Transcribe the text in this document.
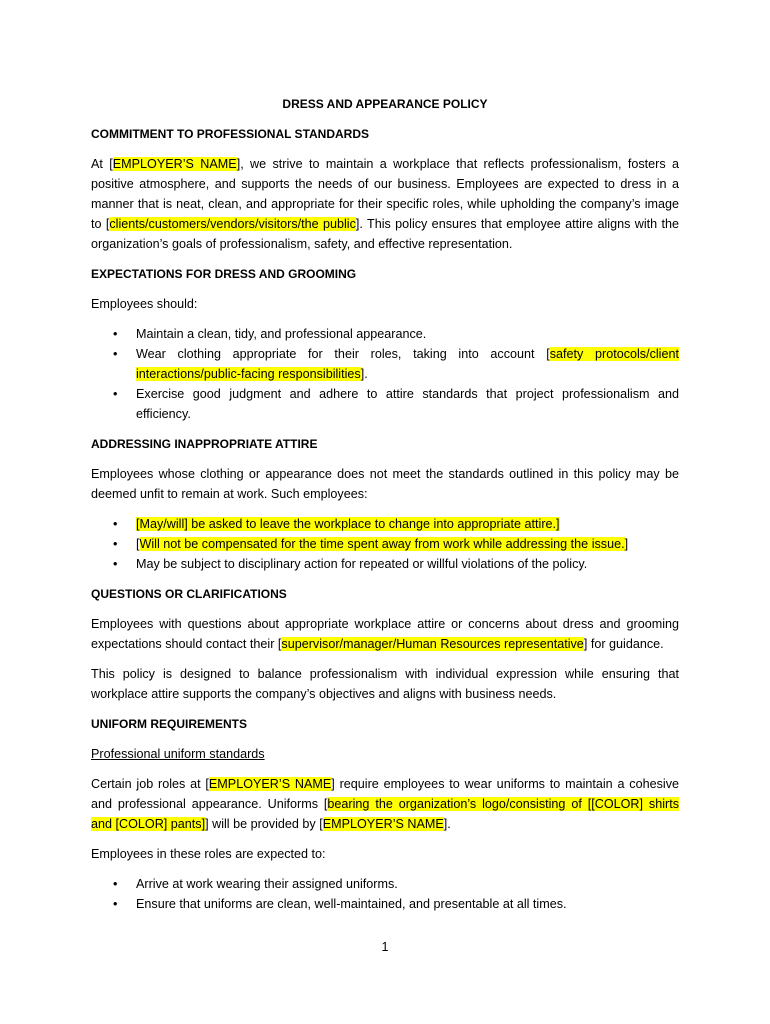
DRESS AND APPEARANCE POLICY
COMMITMENT TO PROFESSIONAL STANDARDS
At [EMPLOYER’S NAME], we strive to maintain a workplace that reflects professionalism, fosters a positive atmosphere, and supports the needs of our business. Employees are expected to dress in a manner that is neat, clean, and appropriate for their specific roles, while upholding the company’s image to [clients/customers/vendors/visitors/the public]. This policy ensures that employee attire aligns with the organization’s goals of professionalism, safety, and effective representation.
EXPECTATIONS FOR DRESS AND GROOMING
Employees should:
• Maintain a clean, tidy, and professional appearance.
• Wear clothing appropriate for their roles, taking into account [safety protocols/client interactions/public-facing responsibilities].
• Exercise good judgment and adhere to attire standards that project professionalism and efficiency.
ADDRESSING INAPPROPRIATE ATTIRE
Employees whose clothing or appearance does not meet the standards outlined in this policy may be deemed unfit to remain at work. Such employees:
• [May/will] be asked to leave the workplace to change into appropriate attire.]
• [Will not be compensated for the time spent away from work while addressing the issue.]
• May be subject to disciplinary action for repeated or willful violations of the policy.
QUESTIONS OR CLARIFICATIONS
Employees with questions about appropriate workplace attire or concerns about dress and grooming expectations should contact their [supervisor/manager/Human Resources representative] for guidance.
This policy is designed to balance professionalism with individual expression while ensuring that workplace attire supports the company’s objectives and aligns with business needs.
UNIFORM REQUIREMENTS
Professional uniform standards
Certain job roles at [EMPLOYER’S NAME] require employees to wear uniforms to maintain a cohesive and professional appearance. Uniforms [bearing the organization’s logo/consisting of [[COLOR] shirts and [COLOR] pants]] will be provided by [EMPLOYER’S NAME].
Employees in these roles are expected to:
• Arrive at work wearing their assigned uniforms.
• Ensure that uniforms are clean, well-maintained, and presentable at all times.
1
